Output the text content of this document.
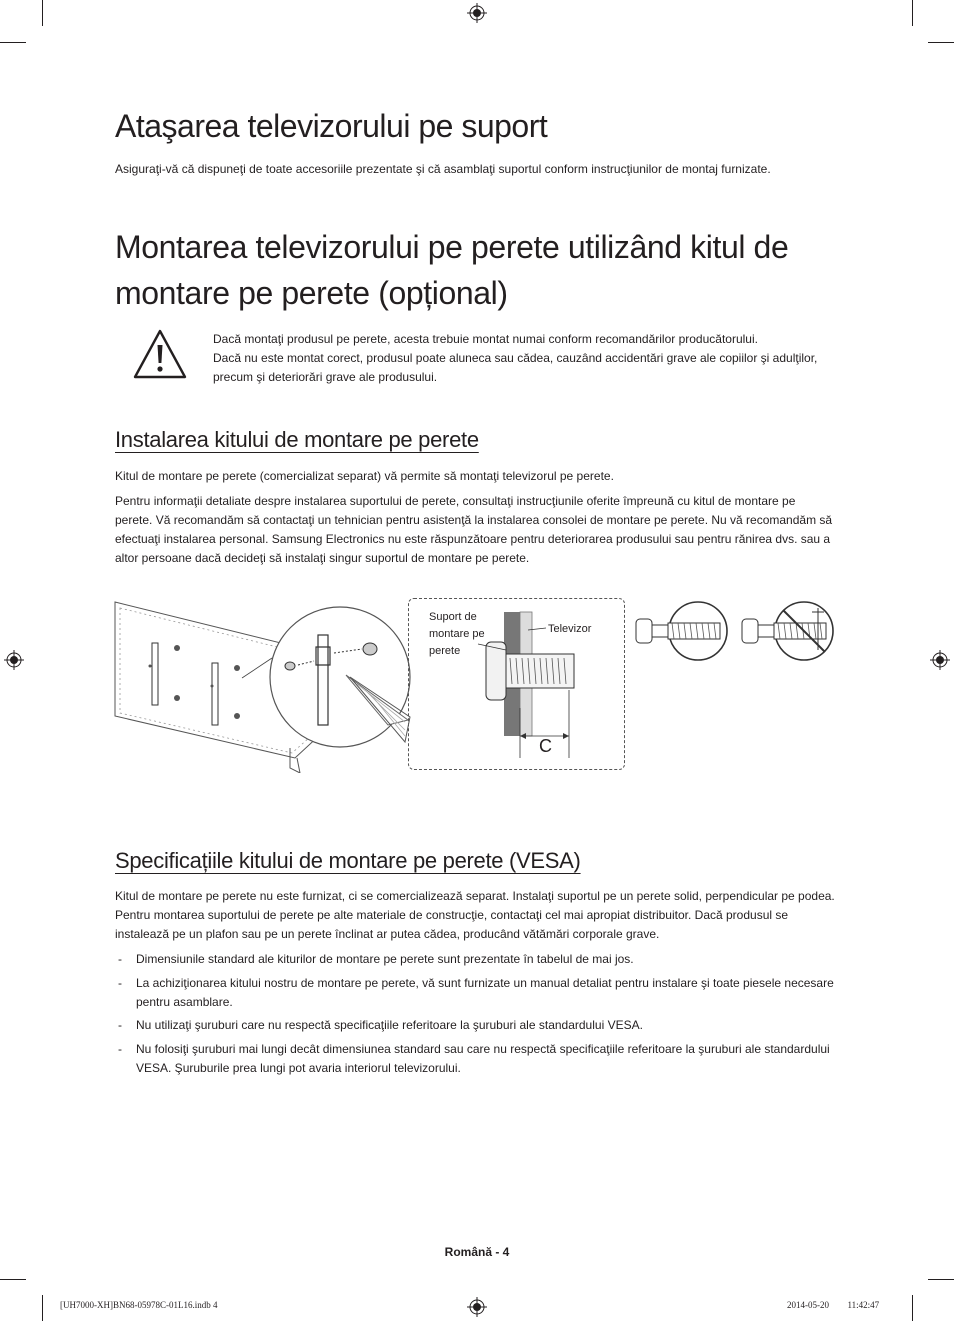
Ataşarea televizorului pe suport
Asiguraţi-vă că dispuneţi de toate accesoriile prezentate şi că asamblaţi suportul conform instrucţiunilor de montaj furnizate.
Montarea televizorului pe perete utilizând kitul de montare pe perete (opțional)
Dacă montaţi produsul pe perete, acesta trebuie montat numai conform recomandărilor producătorului.
Dacă nu este montat corect, produsul poate aluneca sau cădea, cauzând accidentări grave ale copiilor şi adulţilor, precum şi deteriorări grave ale produsului.
Instalarea kitului de montare pe perete

Kitul de montare pe perete (comercializat separat) vă permite să montaţi televizorul pe perete.

Pentru informaţii detaliate despre instalarea suportului de perete, consultaţi instrucţiunile oferite împreună cu kitul de montare pe perete. Vă recomandăm să contactaţi un tehnician pentru asistenţă la instalarea consolei de montare pe perete. Nu vă recomandăm să efectuaţi instalarea personal. Samsung Electronics nu este răspunzătoare pentru deteriorarea produsului sau pentru rănirea dvs. sau a altor persoane dacă decideţi să instalaţi singur suportul de montare pe perete.

Suport de montare pe perete
Televizor
C
Specificațiile kitului de montare pe perete (VESA)

Kitul de montare pe perete nu este furnizat, ci se comercializează separat. Instalaţi suportul pe un perete solid, perpendicular pe podea. Pentru montarea suportului de perete pe alte materiale de construcţie, contactaţi cel mai apropiat distribuitor. Dacă produsul se instalează pe un plafon sau pe un perete înclinat ar putea cădea, producând vătămări corporale grave.

- Dimensiunile standard ale kiturilor de montare pe perete sunt prezentate în tabelul de mai jos.
- La achiziţionarea kitului nostru de montare pe perete, vă sunt furnizate un manual detaliat pentru instalare şi toate piesele necesare pentru asamblare.
- Nu utilizaţi şuruburi care nu respectă specificaţiile referitoare la şuruburi ale standardului VESA.
- Nu folosiţi şuruburi mai lungi decât dimensiunea standard sau care nu respectă specificaţiile referitoare la şuruburi ale standardului VESA. Şuruburile prea lungi pot avaria interiorul televizorului.
Română - 4
[UH7000-XH]BN68-05978C-01L16.indb 4	2014-05-20 ￿￿ 11:42:47
